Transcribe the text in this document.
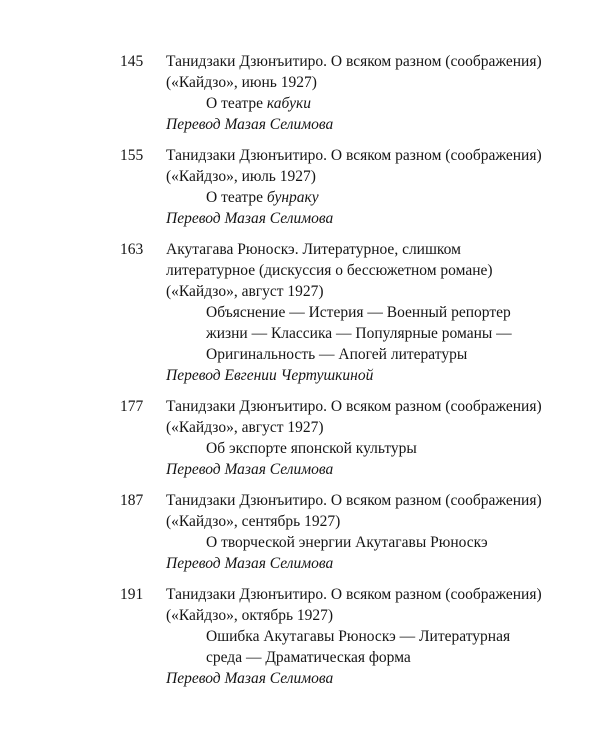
145 Танидзаки Дзюнъитиро. О всяком разном (соображения)
(«Кайдзо», июнь 1927)
О театре кабуки
Перевод Мазая Селимова
155 Танидзаки Дзюнъитиро. О всяком разном (соображения)
(«Кайдзо», июль 1927)
О театре бунраку
Перевод Мазая Селимова
163 Акутагава Рюноскэ. Литературное, слишком
литературное (дискуссия о бессюжетном романе)
(«Кайдзо», август 1927)
Объяснение — Истерия — Военный репортер
жизни — Классика — Популярные романы —
Оригинальность — Апогей литературы
Перевод Евгении Чертушкиной
177 Танидзаки Дзюнъитиро. О всяком разном (соображения)
(«Кайдзо», август 1927)
Об экспорте японской культуры
Перевод Мазая Селимова
187 Танидзаки Дзюнъитиро. О всяком разном (соображения)
(«Кайдзо», сентябрь 1927)
О творческой энергии Акутагавы Рюноскэ
Перевод Мазая Селимова
191 Танидзаки Дзюнъитиро. О всяком разном (соображения)
(«Кайдзо», октябрь 1927)
Ошибка Акутагавы Рюноскэ — Литературная
среда — Драматическая форма
Перевод Мазая Селимова
